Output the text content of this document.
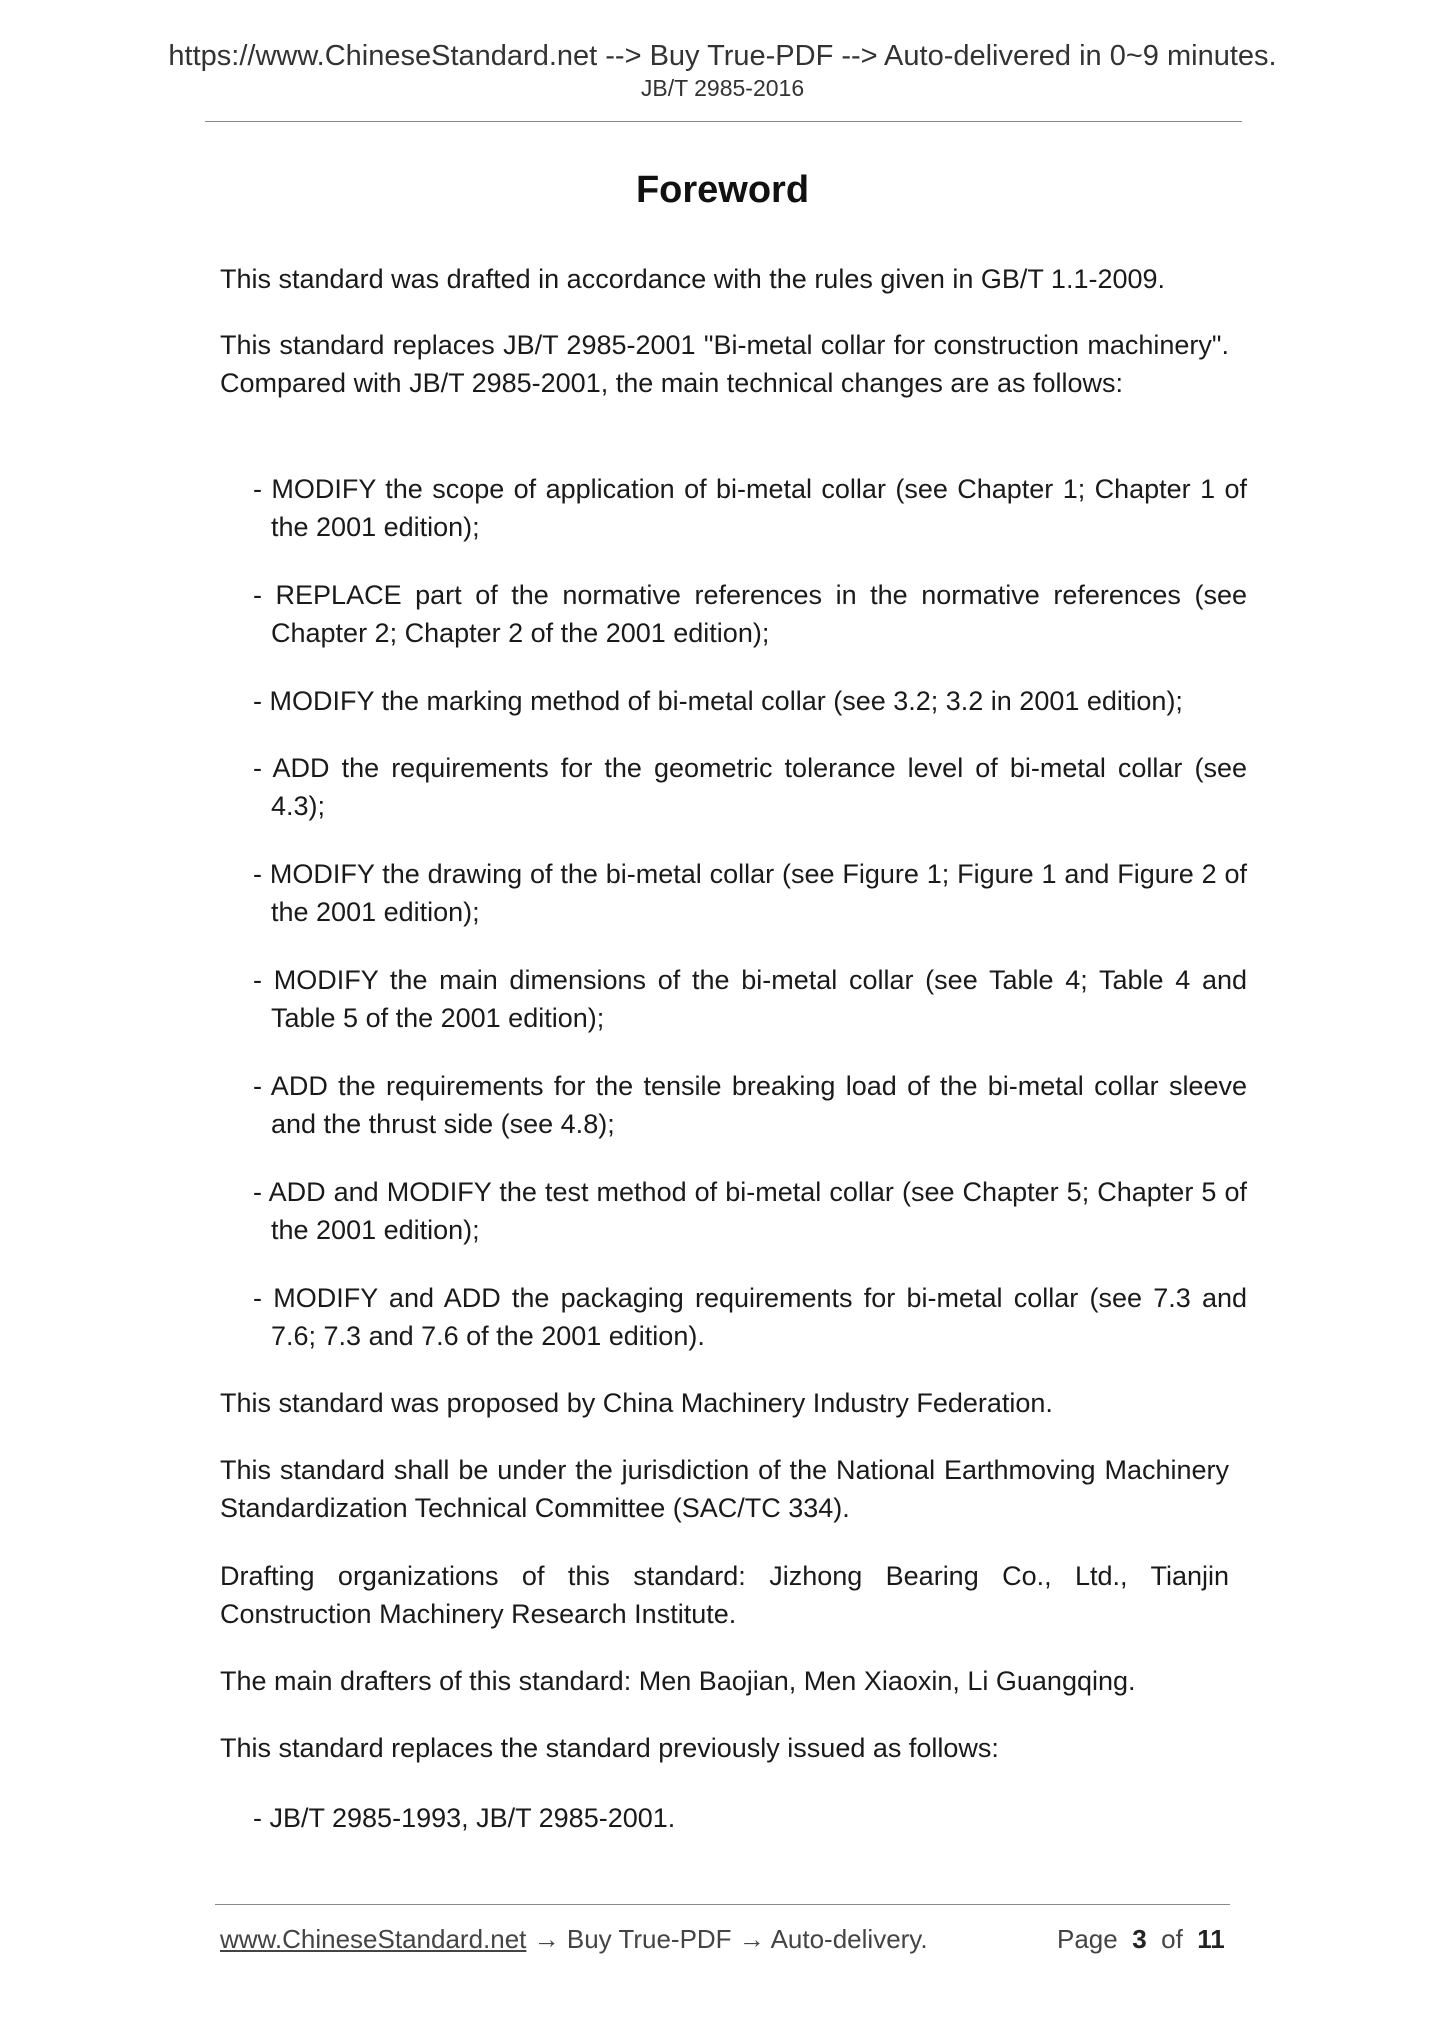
https://www.ChineseStandard.net --> Buy True-PDF --> Auto-delivered in 0~9 minutes.
JB/T 2985-2016
Foreword

This standard was drafted in accordance with the rules given in GB/T 1.1-2009.

This standard replaces JB/T 2985-2001 "Bi-metal collar for construction machinery". Compared with JB/T 2985-2001, the main technical changes are as follows:

- MODIFY the scope of application of bi-metal collar (see Chapter 1; Chapter 1 of the 2001 edition);

- REPLACE part of the normative references in the normative references (see Chapter 2; Chapter 2 of the 2001 edition);

- MODIFY the marking method of bi-metal collar (see 3.2; 3.2 in 2001 edition);

- ADD the requirements for the geometric tolerance level of bi-metal collar (see 4.3);

- MODIFY the drawing of the bi-metal collar (see Figure 1; Figure 1 and Figure 2 of the 2001 edition);

- MODIFY the main dimensions of the bi-metal collar (see Table 4; Table 4 and Table 5 of the 2001 edition);

- ADD the requirements for the tensile breaking load of the bi-metal collar sleeve and the thrust side (see 4.8);

- ADD and MODIFY the test method of bi-metal collar (see Chapter 5; Chapter 5 of the 2001 edition);

- MODIFY and ADD the packaging requirements for bi-metal collar (see 7.3 and 7.6; 7.3 and 7.6 of the 2001 edition).

This standard was proposed by China Machinery Industry Federation.

This standard shall be under the jurisdiction of the National Earthmoving Machinery Standardization Technical Committee (SAC/TC 334).

Drafting organizations of this standard: Jizhong Bearing Co., Ltd., Tianjin Construction Machinery Research Institute.

The main drafters of this standard: Men Baojian, Men Xiaoxin, Li Guangqing.

This standard replaces the standard previously issued as follows:

- JB/T 2985-1993, JB/T 2985-2001.

www.ChineseStandard.net → Buy True-PDF → Auto-delivery.	Page 3 of 11
